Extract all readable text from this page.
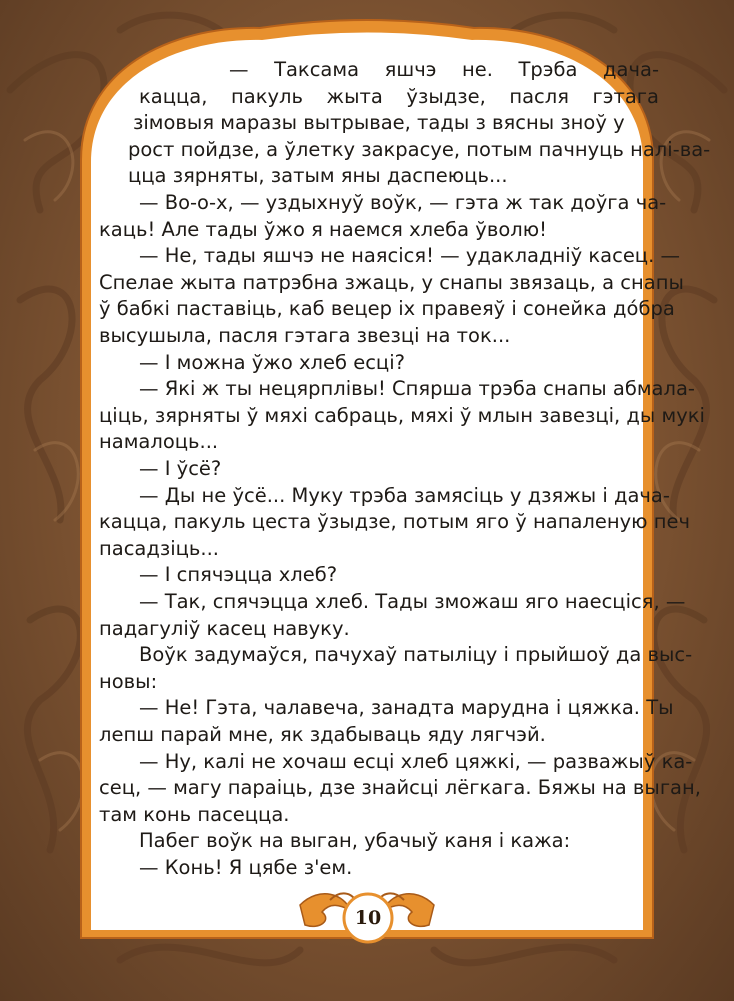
— Таксама яшчэ не. Трэба дача-
кацца, пакуль жыта ўзыдзе, пасля гэтага
зімовыя маразы вытрывае, тады з вясны зноў у
рост пойдзе, а ўлетку закрасуе, потым пачнуць налі-ва-
цца зярняты, затым яны даспеюць...
— Во-о-х, — уздыхнуў воўк, — гэта ж так доўга ча-
каць! Але тады ўжо я наемся хлеба ўволю!
— Не, тады яшчэ не наясіся! — удакладніў касец. —
Спелае жыта патрэбна зжаць, у снапы звязаць, а снапы
ў бабкі паставіць, каб вецер іх правеяў і сонейка до́бра
высушыла, пасля гэтага звезці на ток...
— І можна ўжо хлеб есці?
— Які ж ты нецярплівы! Спярша трэба снапы абмала-
ціць, зярняты ў мяхі сабраць, мяхі ў млын завезці, ды мукі
намалоць...
— І ўсё?
— Ды не ўсё... Муку трэба замясіць у дзяжы і дача-
кацца, пакуль цеста ўзыдзе, потым яго ў напаленую печ
пасадзіць...
— І спячэцца хлеб?
— Так, спячэцца хлеб. Тады зможаш яго наесціся, —
падагуліў касец навуку.
Воўк задумаўся, пачухаў патыліцу і прыйшоў да выс-
новы:
— Не! Гэта, чалавеча, занадта марудна і цяжка. Ты
лепш парай мне, як здабываць яду лягчэй.
— Ну, калі не хочаш есці хлеб цяжкі, — разважыў ка-
сец, — магу параіць, дзе знайсці лёгкага. Бяжы на выган,
там конь пасецца.
Пабег воўк на выган, убачыў каня і кажа:
— Конь! Я цябе з'ем.
10
